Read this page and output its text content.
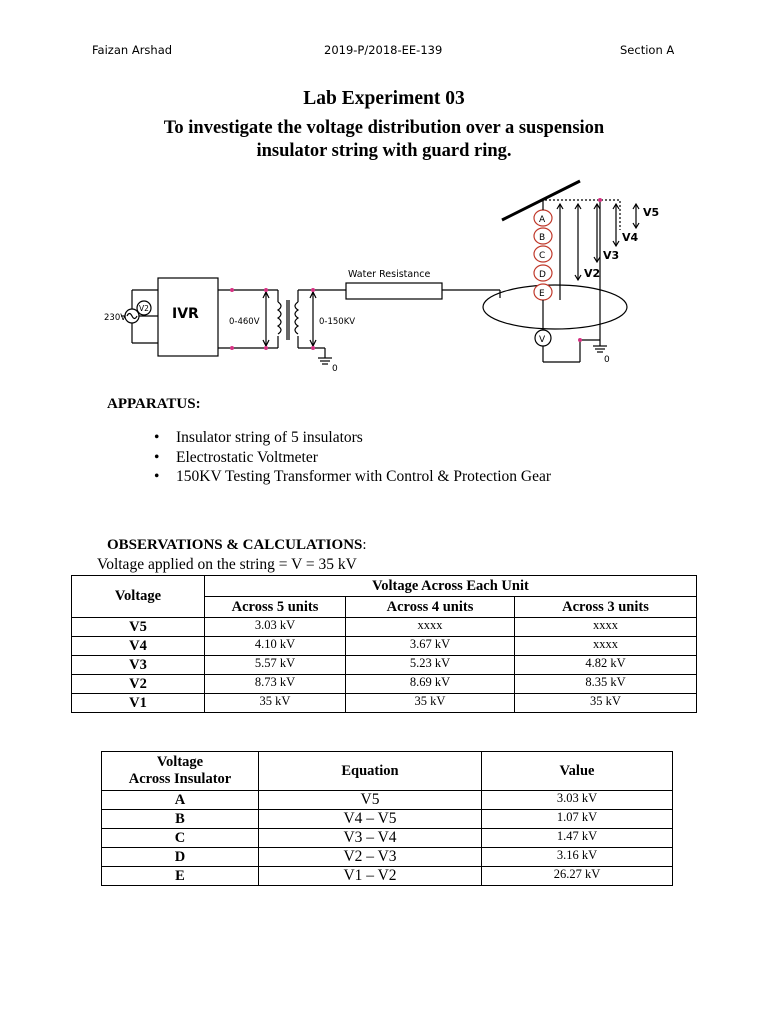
Faizan Arshad	2019-P/2018-EE-139	Section A
Lab Experiment 03
To investigate the voltage distribution over a suspension
insulator string with guard ring.
230V
V2 IVR	0-460V	0-150KV
Water Resistance
0
0
A
B
C
D
E
V
V5
V4
V3
V2
APPARATUS:
• Insulator string of 5 insulators
• Electrostatic Voltmeter
• 150KV Testing Transformer with Control & Protection Gear
OBSERVATIONS & CALCULATIONS:
Voltage applied on the string = V = 35 kV
Voltage	Voltage Across Each Unit		
	Across 5 units	Across 4 units	Across 3 units
V5	3.03 kV	xxxx	xxxx
V4	4.10 kV	3.67 kV	xxxx
V3	5.57 kV	5.23 kV	4.82 kV
V2	8.73 kV	8.69 kV	8.35 kV
V1	35 kV	35 kV	35 kV
Voltage
Across Insulator	Equation	Value
A	V5	3.03 kV
B	V4 – V5	1.07 kV
C	V3 – V4	1.47 kV
D	V2 – V3	3.16 kV
E	V1 – V2	26.27 kV
